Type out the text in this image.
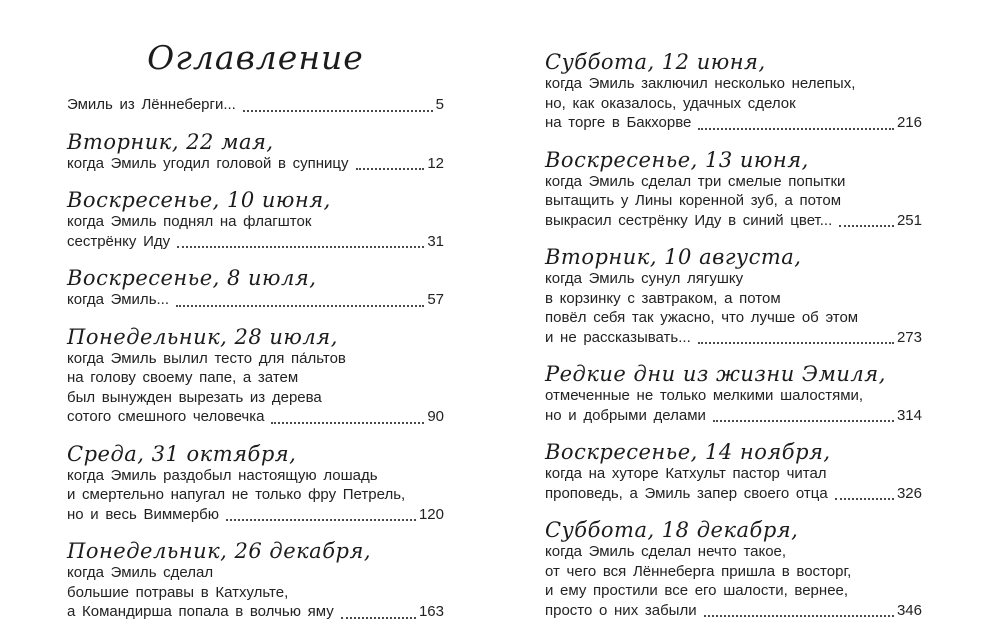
Оглавление
Эмиль из Лённеберги...	5
Вторник, 22 мая,
когда Эмиль угодил головой в супницу	12
Воскресенье, 10 июня,
когда Эмиль поднял на флагшток
сестрёнку Иду	31
Воскресенье, 8 июля,
когда Эмиль...	57
Понедельник, 28 июля,
когда Эмиль вылил тесто для па́льтов
на голову своему папе, а затем
был вынужден вырезать из дерева
сотого смешного человечка	90
Среда, 31 октября,
когда Эмиль раздобыл настоящую лошадь
и смертельно напугал не только фру Петрель,
но и весь Виммербю	120
Понедельник, 26 декабря,
когда Эмиль сделал
большие потравы в Катхульте,
а Командирша попала в волчью яму	163
Суббота, 12 июня,
когда Эмиль заключил несколько нелепых,
но, как оказалось, удачных сделок
на торге в Бакхорве	216
Воскресенье, 13 июня,
когда Эмиль сделал три смелые попытки
вытащить у Лины коренной зуб, а потом
выкрасил сестрёнку Иду в синий цвет...	251
Вторник, 10 августа,
когда Эмиль сунул лягушку
в корзинку с завтраком, а потом
повёл себя так ужасно, что лучше об этом
и не рассказывать...	273
Редкие дни из жизни Эмиля,
отмеченные не только мелкими шалостями,
но и добрыми делами	314
Воскресенье, 14 ноября,
когда на хуторе Катхульт пастор читал
проповедь, а Эмиль запер своего отца	326
Суббота, 18 декабря,
когда Эмиль сделал нечто такое,
от чего вся Лённеберга пришла в восторг,
и ему простили все его шалости, вернее,
просто о них забыли	346
